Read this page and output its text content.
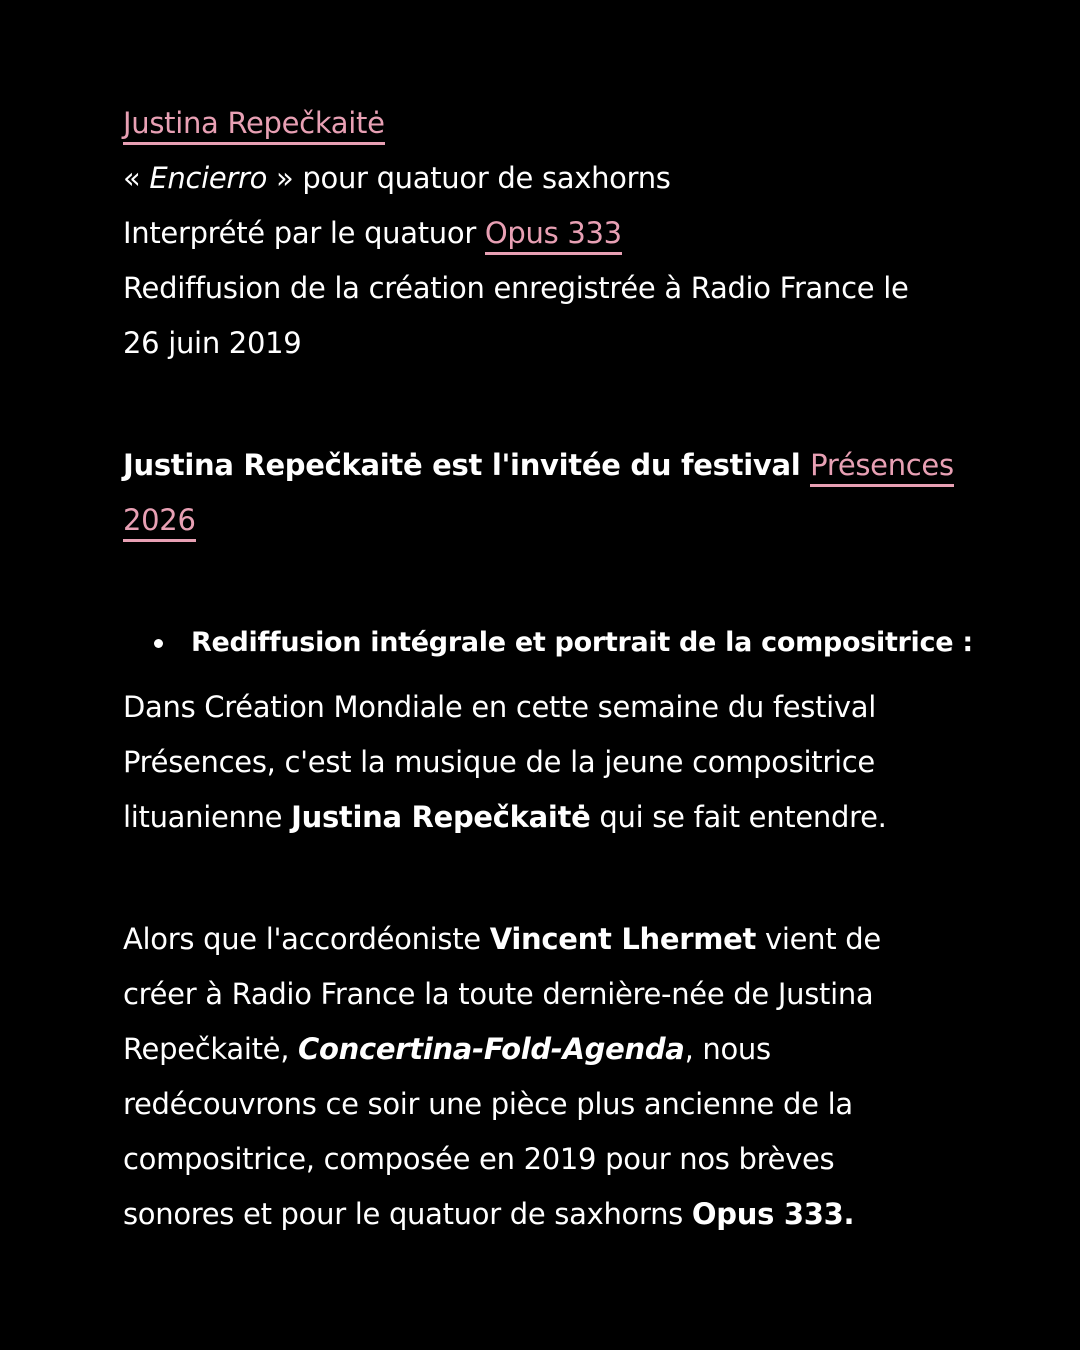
Justina Repečkaitė
« Encierro » pour quatuor de saxhorns
Interprété par le quatuor Opus 333
Rediffusion de la création enregistrée à Radio France le
26 juin 2019
Justina Repečkaitė est l'invitée du festival Présences
2026
Rediffusion intégrale et portrait de la compositrice :
Dans Création Mondiale en cette semaine du festival
Présences, c'est la musique de la jeune compositrice
lituanienne Justina Repečkaitė qui se fait entendre.
Alors que l'accordéoniste Vincent Lhermet vient de
créer à Radio France la toute dernière-née de Justina
Repečkaitė, Concertina-Fold-Agenda, nous
redécouvrons ce soir une pièce plus ancienne de la
compositrice, composée en 2019 pour nos brèves
sonores et pour le quatuor de saxhorns Opus 333.
